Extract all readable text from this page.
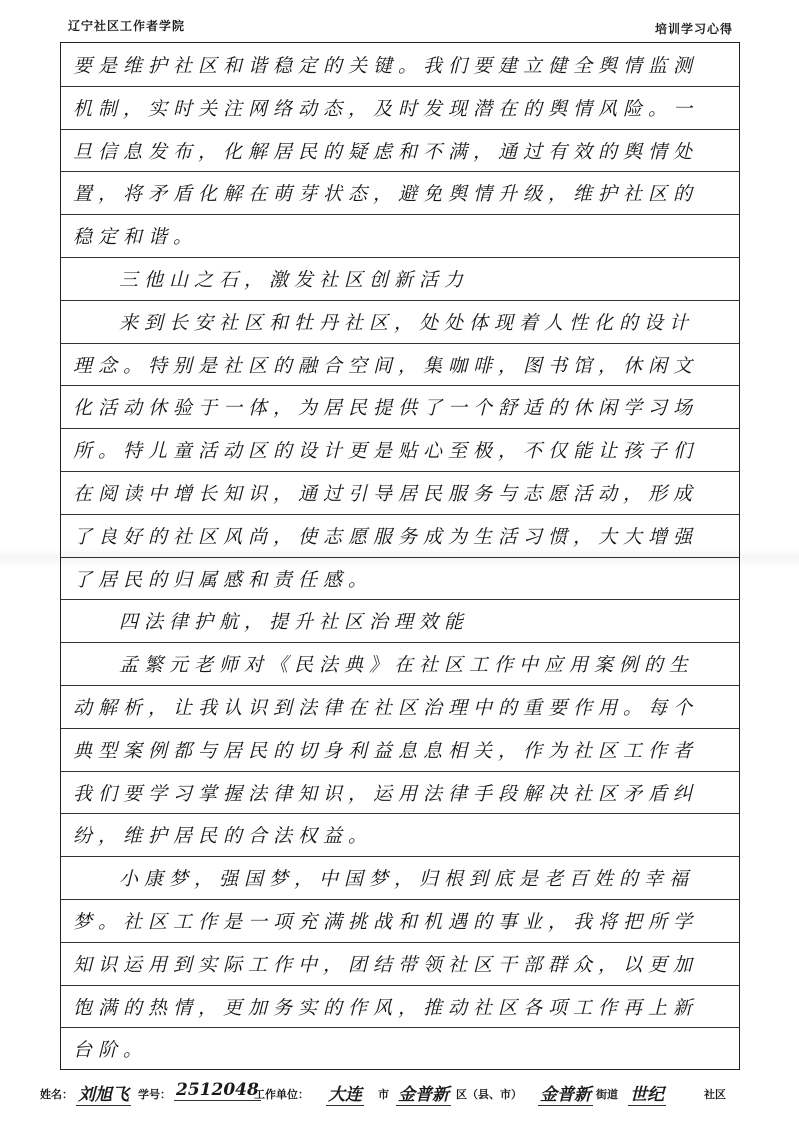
辽宁社区工作者学院	培训学习心得
要是维护社区和谐稳定的关键。我们要建立健全舆情监测
机制，实时关注网络动态，及时发现潜在的舆情风险。一
旦信息发布，化解居民的疑虑和不满，通过有效的舆情处
置，将矛盾化解在萌芽状态，避免舆情升级，维护社区的
稳定和谐。
三他山之石，激发社区创新活力
来到长安社区和牡丹社区，处处体现着人性化的设计
理念。特别是社区的融合空间，集咖啡，图书馆，休闲文
化活动休验于一体，为居民提供了一个舒适的休闲学习场
所。特儿童活动区的设计更是贴心至极，不仅能让孩子们
在阅读中增长知识，通过引导居民服务与志愿活动，形成
了良好的社区风尚，使志愿服务成为生活习惯，大大增强
了居民的归属感和责任感。
四法律护航，提升社区治理效能
孟繁元老师对《民法典》在社区工作中应用案例的生
动解析，让我认识到法律在社区治理中的重要作用。每个
典型案例都与居民的切身利益息息相关，作为社区工作者
我们要学习掌握法律知识，运用法律手段解决社区矛盾纠
纷，维护居民的合法权益。
小康梦，强国梦，中国梦，归根到底是老百姓的幸福
梦。社区工作是一项充满挑战和机遇的事业，我将把所学
知识运用到实际工作中，团结带领社区干部群众，以更加
饱满的热情，更加务实的作风，推动社区各项工作再上新
台阶。
姓名： 刘旭飞 学号： 2512048
工作单位： 大连 市 金普新 区（县、市） 金普新 街道 世纪	社区
